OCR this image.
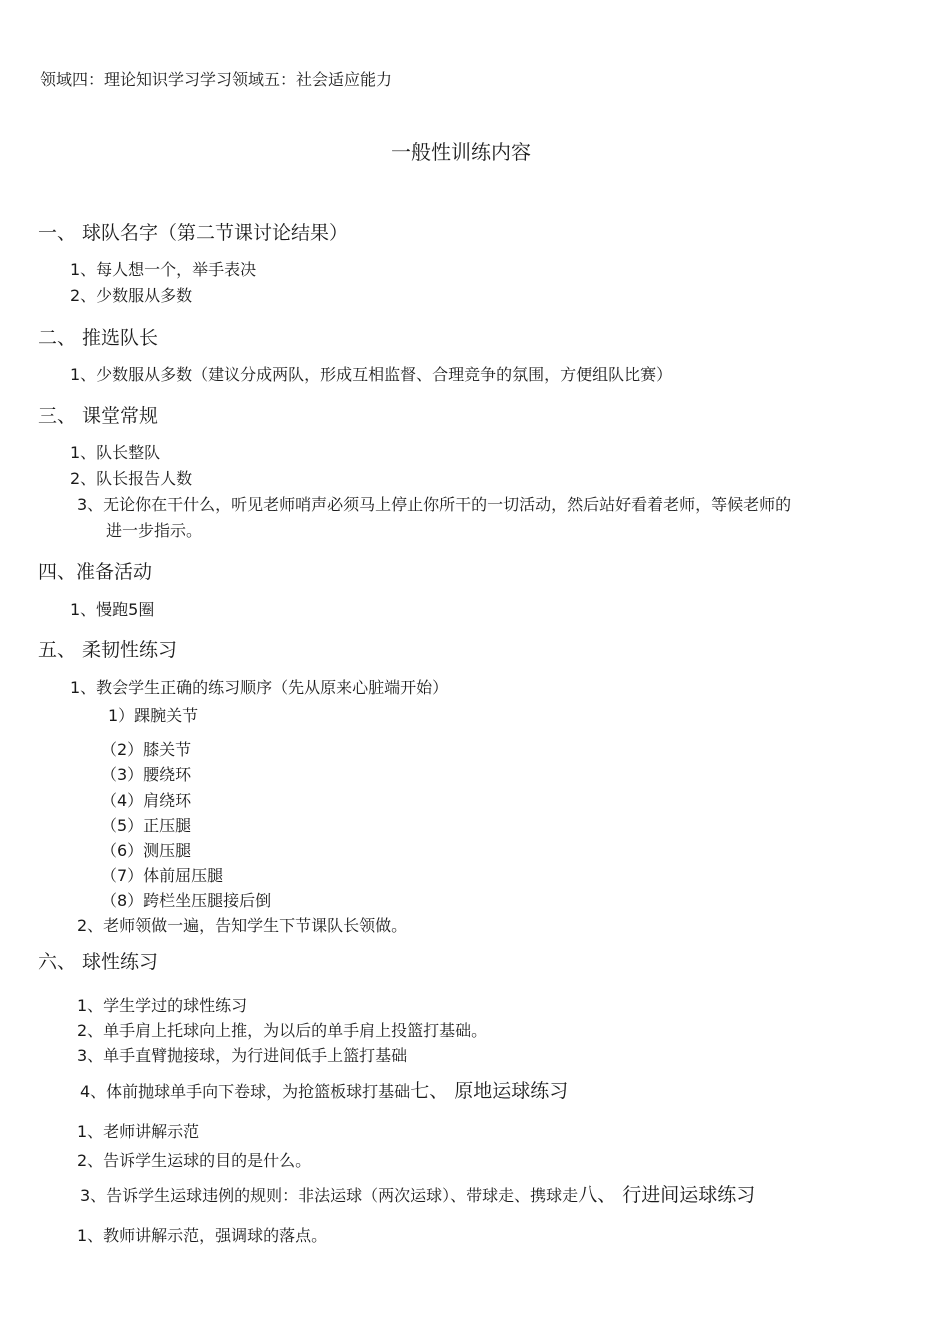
领域四：理论知识学习学习领域五：社会适应能力
一般性训练内容
一、 球队名字（第二节课讨论结果）
1、每人想一个，举手表决
2、少数服从多数
二、 推选队长
1、少数服从多数（建议分成两队，形成互相监督、合理竞争的氛围，方便组队比赛）
三、 课堂常规
1、队长整队
2、队长报告人数
3、无论你在干什么，听见老师哨声必须马上停止你所干的一切活动，然后站好看着老师，等候老师的
进一步指示。
四、准备活动
1、慢跑5圈
五、 柔韧性练习
1、教会学生正确的练习顺序（先从原来心脏端开始）
1）踝腕关节
（2）膝关节
（3）腰绕环
（4）肩绕环
（5）正压腿
（6）测压腿
（7）体前屈压腿
（8）跨栏坐压腿接后倒
2、老师领做一遍，告知学生下节课队长领做。
六、 球性练习
1、学生学过的球性练习
2、单手肩上托球向上推，为以后的单手肩上投篮打基础。
3、单手直臂抛接球，为行进间低手上篮打基础
4、体前抛球单手向下卷球，为抢篮板球打基础七、 原地运球练习
1、老师讲解示范
2、告诉学生运球的目的是什么。
3、告诉学生运球违例的规则：非法运球（两次运球）、带球走、携球走八、 行进间运球练习
1、教师讲解示范，强调球的落点。
